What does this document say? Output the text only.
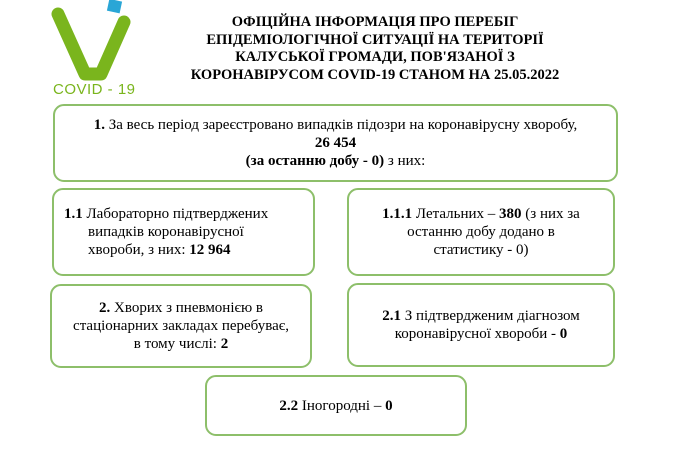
COVID - 19
ОФІЦІЙНА ІНФОРМАЦІЯ ПРО ПЕРЕБІГ
ЕПІДЕМІОЛОГІЧНОЇ СИТУАЦІЇ НА ТЕРИТОРІЇ
КАЛУСЬКОЇ ГРОМАДИ, ПОВ'ЯЗАНОЇ З
КОРОНАВІРУСОМ COVID-19 СТАНОМ НА 25.05.2022
1. За весь період зареєстровано випадків підозри на коронавірусну хворобу,
26 454
(за останню добу - 0) з них:
1.1 Лабораторно підтверджених
випадків коронавірусної
хвороби, з них: 12 964
1.1.1 Летальних – 380 (з них за
останню добу додано в
статистику - 0)
2. Хворих з пневмонією в
стаціонарних закладах перебуває,
в тому числі: 2
2.1 З підтвердженим діагнозом
коронавірусної хвороби - 0
2.2 Іногородні – 0
